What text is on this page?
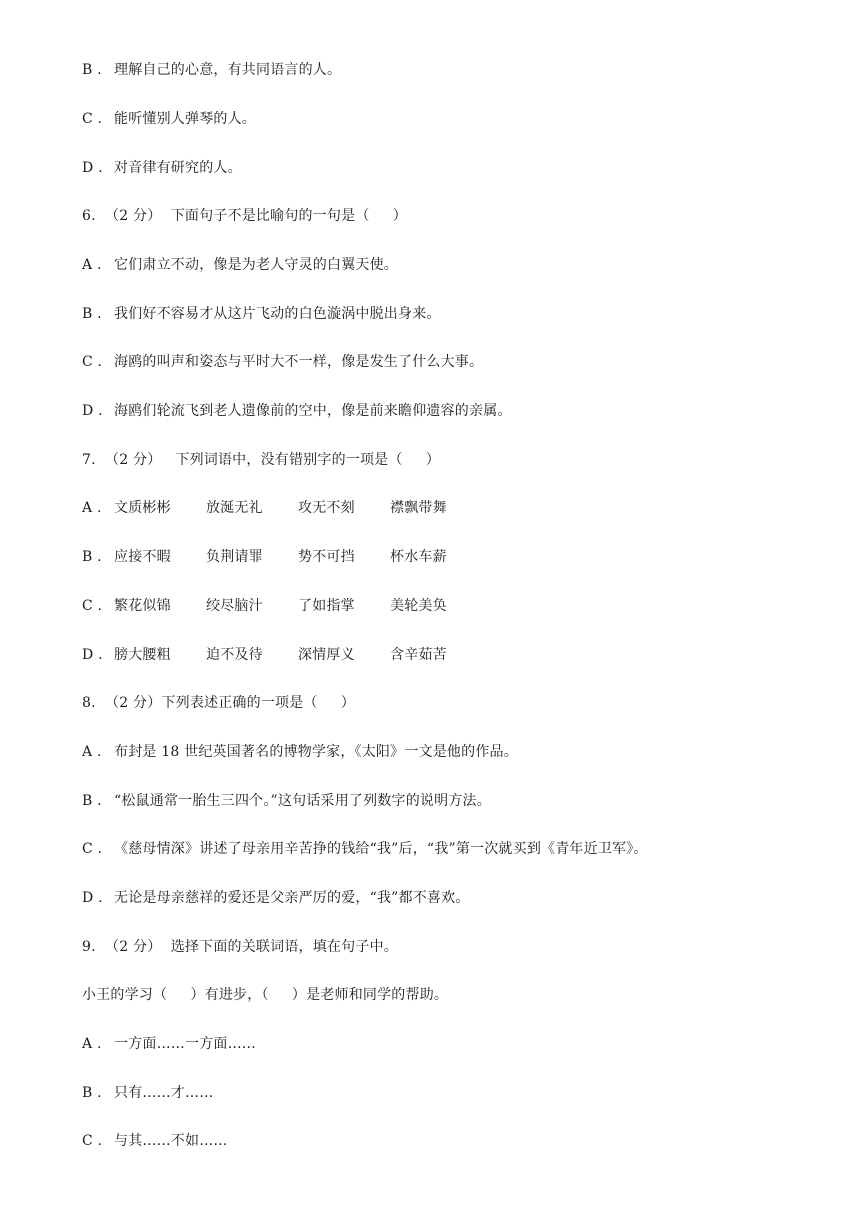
B . 理解自己的心意，有共同语言的人。
C . 能听懂别人弹琴的人。
D . 对音律有研究的人。
6.  （2 分）  下面句子不是比喻句的一句是（     ）
A . 它们肃立不动，像是为老人守灵的白翼天使。
B . 我们好不容易才从这片飞动的白色漩涡中脱出身来。
C . 海鸥的叫声和姿态与平时大不一样，像是发生了什么大事。
D . 海鸥们轮流飞到老人遗像前的空中，像是前来瞻仰遗容的亲属。
7.  （2 分）   下列词语中，没有错别字的一项是（     ）
A . 文质彬彬	放涎无礼	攻无不刻	襟飘带舞
B . 应接不暇	负荆请罪	势不可挡	杯水车薪
C . 繁花似锦	绞尽脑汁	了如指掌	美轮美奂
D . 膀大腰粗	迫不及待	深情厚义	含辛茹苦
8.  （2 分）下列表述正确的一项是（     ）
A . 布封是 18 世纪英国著名的博物学家，《太阳》一文是他的作品。
B . “松鼠通常一胎生三四个。”这句话采用了列数字的说明方法。
C . 《慈母情深》讲述了母亲用辛苦挣的钱给“我”后，“我”第一次就买到《青年近卫军》。
D . 无论是母亲慈祥的爱还是父亲严厉的爱，“我”都不喜欢。
9.  （2 分）  选择下面的关联词语，填在句子中。
小王的学习（     ）有进步，（     ）是老师和同学的帮助。
A . 一方面……一方面……
B . 只有……才……
C . 与其……不如……
